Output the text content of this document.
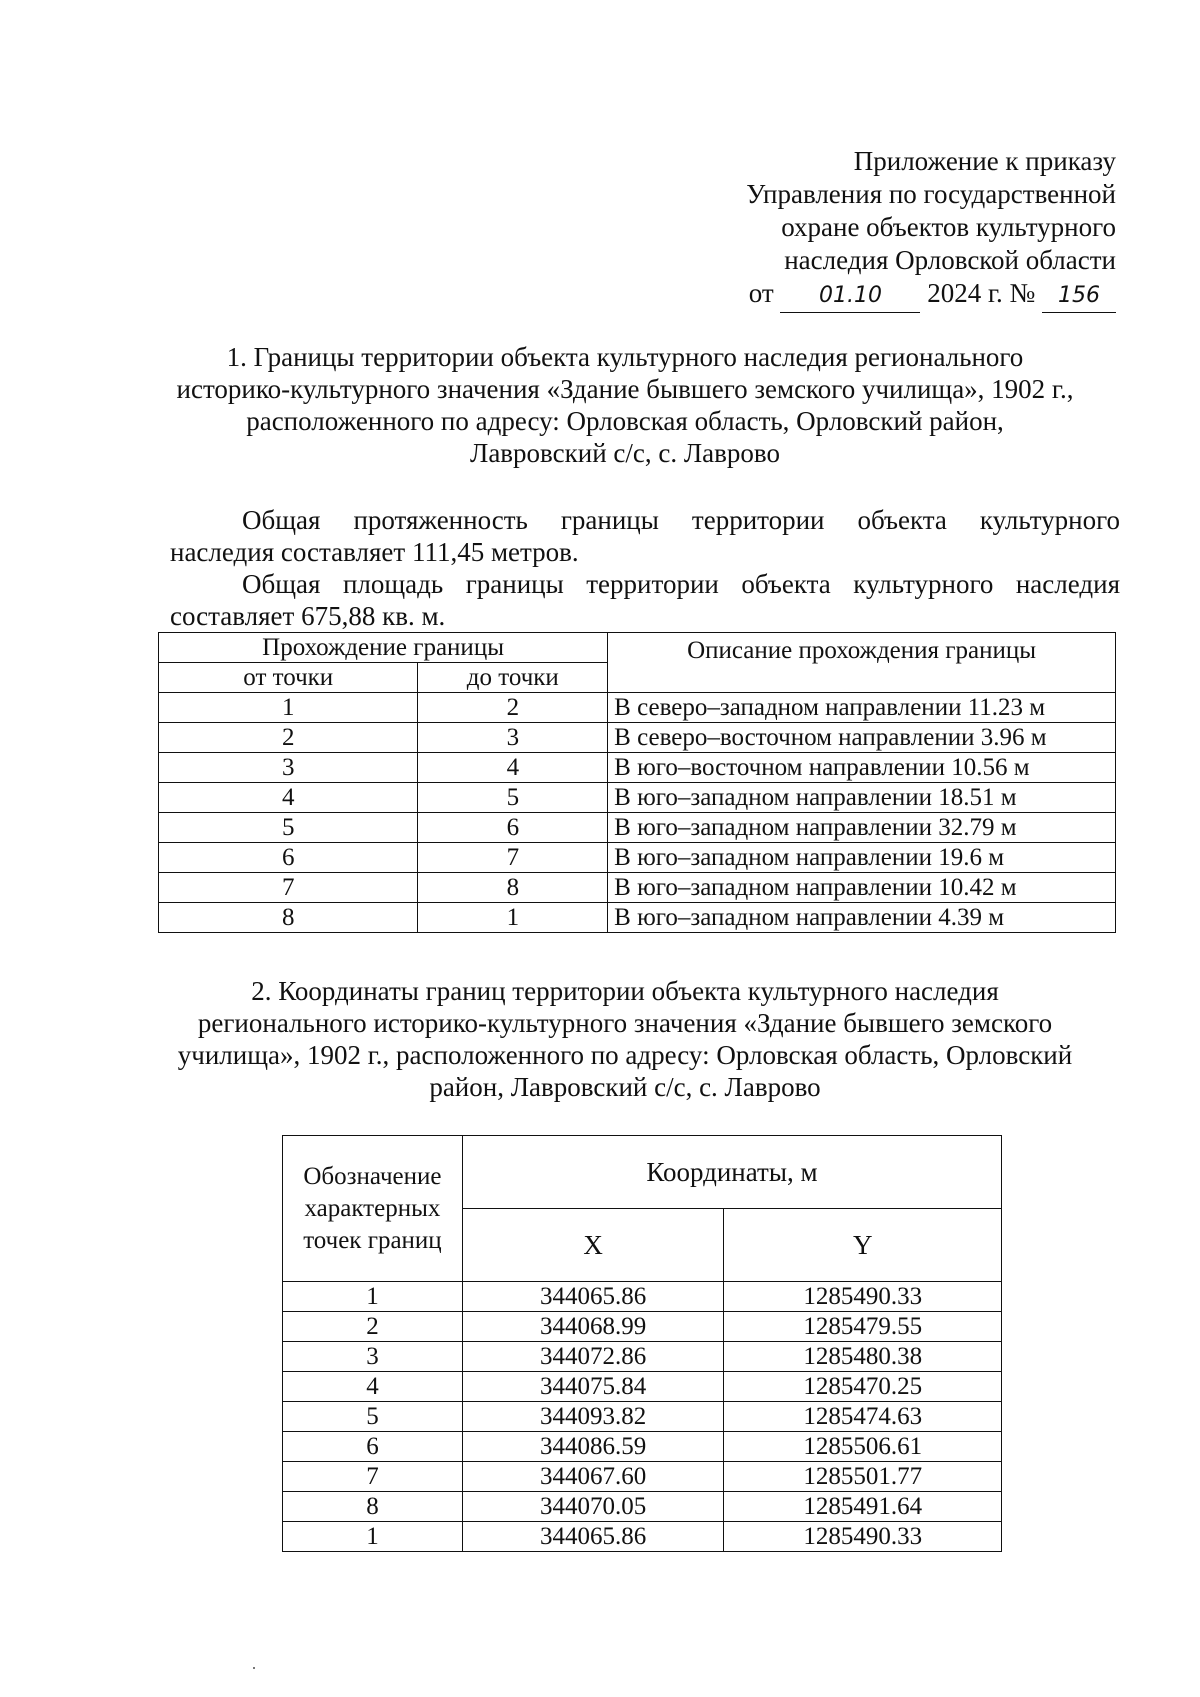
Приложение к приказу
Управления по государственной
охране объектов культурного
наследия Орловской области
от 01.10 2024 г. № 156
1. Границы территории объекта культурного наследия регионального
историко-культурного значения «Здание бывшего земского училища», 1902 г.,
расположенного по адресу: Орловская область, Орловский район,
Лавровский с/с, с. Лаврово
Общая протяженность границы территории объекта культурного
наследия составляет 111,45 метров.
Общая площадь границы территории объекта культурного наследия
составляет 675,88 кв. м.
Прохождение границы		Описание прохождения границы
от точки	до точки	
1	2	В северо–западном направлении 11.23 м
2	3	В северо–восточном направлении 3.96 м
3	4	В юго–восточном направлении 10.56 м
4	5	В юго–западном направлении 18.51 м
5	6	В юго–западном направлении 32.79 м
6	7	В юго–западном направлении 19.6 м
7	8	В юго–западном направлении 10.42 м
8	1	В юго–западном направлении 4.39 м
2. Координаты границ территории объекта культурного наследия
регионального историко-культурного значения «Здание бывшего земского
училища», 1902 г., расположенного по адресу: Орловская область, Орловский
район, Лавровский с/с, с. Лаврово
Обозначение характерных точек границ	Координаты, м	
	X	Y
1	344065.86	1285490.33
2	344068.99	1285479.55
3	344072.86	1285480.38
4	344075.84	1285470.25
5	344093.82	1285474.63
6	344086.59	1285506.61
7	344067.60	1285501.77
8	344070.05	1285491.64
1	344065.86	1285490.33
